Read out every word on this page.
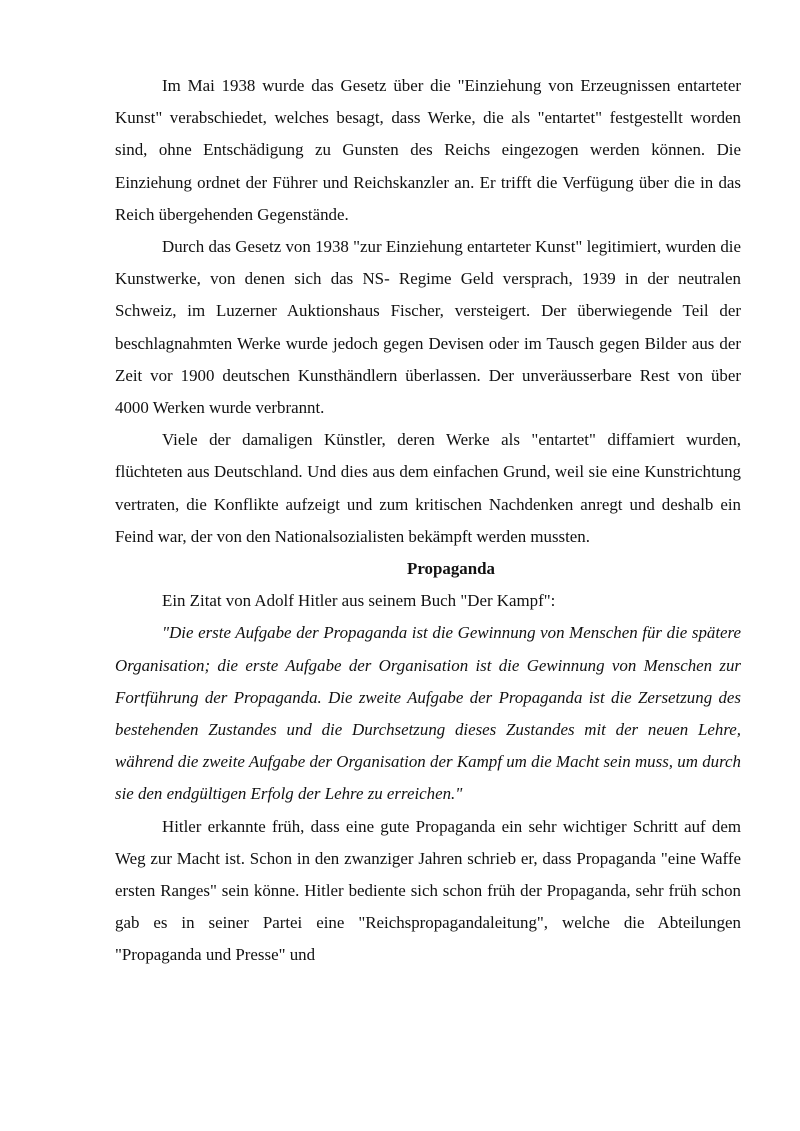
Im Mai 1938 wurde das Gesetz über die "Einziehung von Erzeugnissen entarteter Kunst" verabschiedet, welches besagt, dass Werke, die als "entartet" festgestellt worden sind, ohne Entschädigung zu Gunsten des Reichs eingezogen werden können. Die Einziehung ordnet der Führer und Reichskanzler an. Er trifft die Verfügung über die in das Reich übergehenden Gegenstände.

Durch das Gesetz von 1938 "zur Einziehung entarteter Kunst" legitimiert, wurden die Kunstwerke, von denen sich das NS- Regime Geld versprach, 1939 in der neutralen Schweiz, im Luzerner Auktionshaus Fischer, versteigert. Der überwiegende Teil der beschlagnahmten Werke wurde jedoch gegen Devisen oder im Tausch gegen Bilder aus der Zeit vor 1900 deutschen Kunsthändlern überlassen. Der unveräusserbare Rest von über 4000 Werken wurde verbrannt.

Viele der damaligen Künstler, deren Werke als "entartet" diffamiert wurden, flüchteten aus Deutschland. Und dies aus dem einfachen Grund, weil sie eine Kunstrichtung vertraten, die Konflikte aufzeigt und zum kritischen Nachdenken anregt und deshalb ein Feind war, der von den Nationalsozialisten bekämpft werden mussten.

Propaganda

Ein Zitat von Adolf Hitler aus seinem Buch "Der Kampf":

"Die erste Aufgabe der Propaganda ist die Gewinnung von Menschen für die spätere Organisation; die erste Aufgabe der Organisation ist die Gewinnung von Menschen zur Fortführung der Propaganda. Die zweite Aufgabe der Propaganda ist die Zersetzung des bestehenden Zustandes und die Durchsetzung dieses Zustandes mit der neuen Lehre, während die zweite Aufgabe der Organisation der Kampf um die Macht sein muss, um durch sie den endgültigen Erfolg der Lehre zu erreichen."

Hitler erkannte früh, dass eine gute Propaganda ein sehr wichtiger Schritt auf dem Weg zur Macht ist. Schon in den zwanziger Jahren schrieb er, dass Propaganda "eine Waffe ersten Ranges" sein könne. Hitler bediente sich schon früh der Propaganda, sehr früh schon gab es in seiner Partei eine "Reichspropagandaleitung", welche die Abteilungen "Propaganda und Presse" und
